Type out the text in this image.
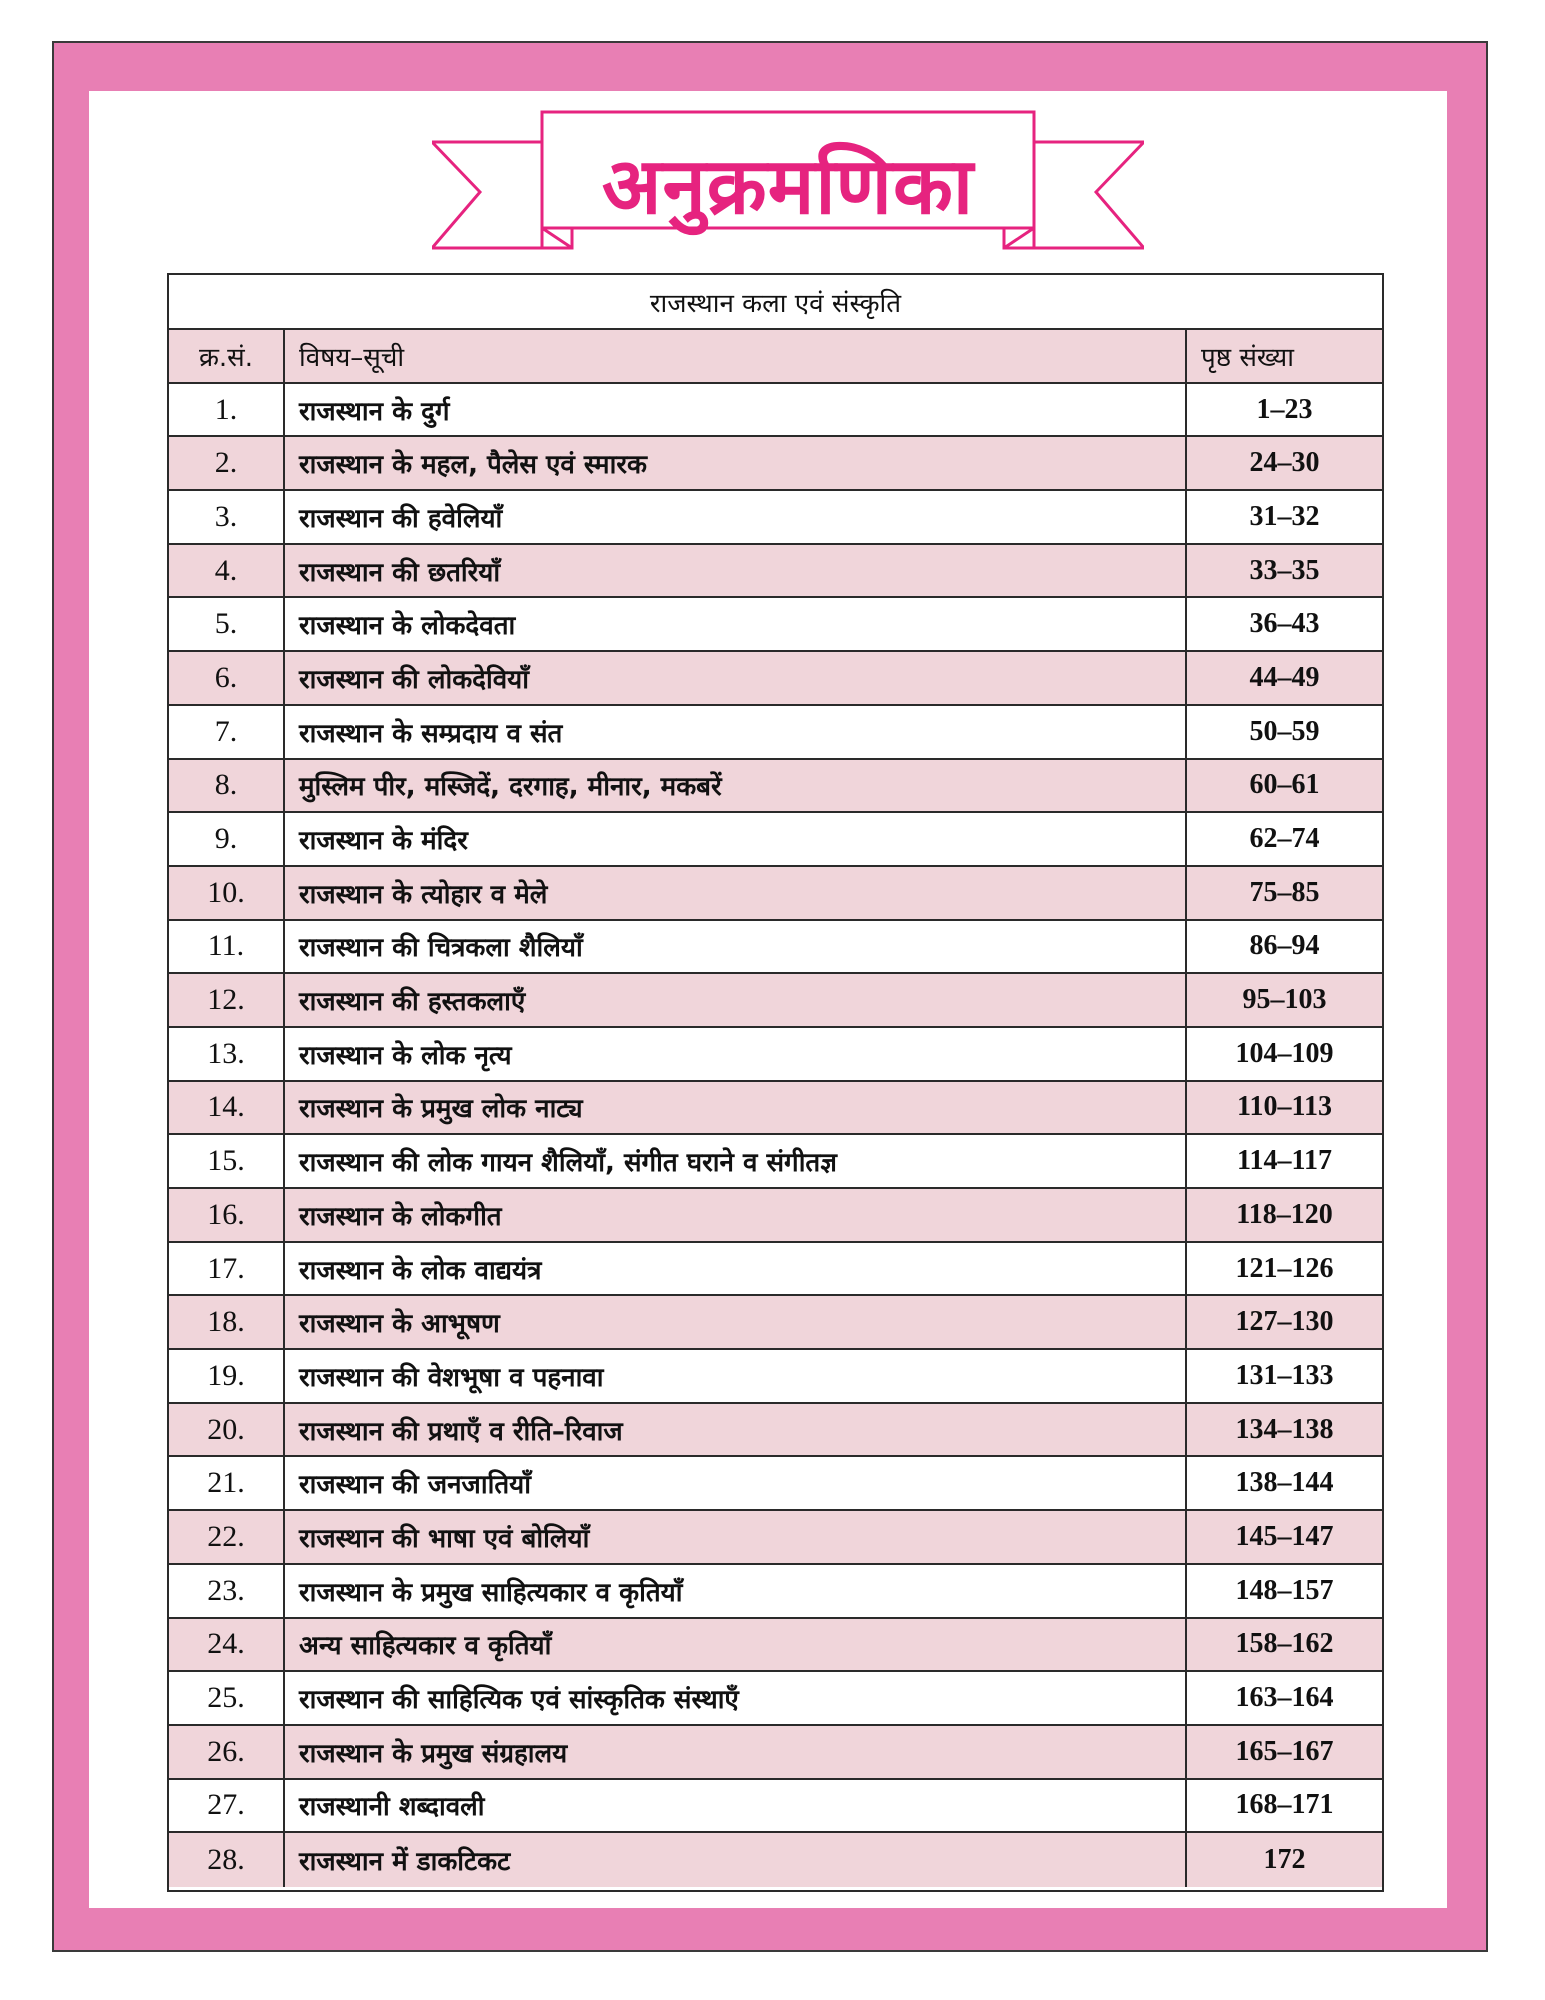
अनुक्रमणिका
राजस्थान कला एवं संस्कृति
क्र.सं.	विषय–सूची	पृष्ठ संख्या
1.	राजस्थान के दुर्ग	1–23
2.	राजस्थान के महल, पैलेस एवं स्मारक	24–30
3.	राजस्थान की हवेलियाँ	31–32
4.	राजस्थान की छतरियाँ	33–35
5.	राजस्थान के लोकदेवता	36–43
6.	राजस्थान की लोकदेवियाँ	44–49
7.	राजस्थान के सम्प्रदाय व संत	50–59
8.	मुस्लिम पीर, मस्जिदें, दरगाह, मीनार, मकबरें	60–61
9.	राजस्थान के मंदिर	62–74
10.	राजस्थान के त्योहार व मेले	75–85
11.	राजस्थान की चित्रकला शैलियाँ	86–94
12.	राजस्थान की हस्तकलाएँ	95–103
13.	राजस्थान के लोक नृत्य	104–109
14.	राजस्थान के प्रमुख लोक नाट्य	110–113
15.	राजस्थान की लोक गायन शैलियाँ, संगीत घराने व संगीतज्ञ	114–117
16.	राजस्थान के लोकगीत	118–120
17.	राजस्थान के लोक वाद्ययंत्र	121–126
18.	राजस्थान के आभूषण	127–130
19.	राजस्थान की वेशभूषा व पहनावा	131–133
20.	राजस्थान की प्रथाएँ व रीति–रिवाज	134–138
21.	राजस्थान की जनजातियाँ	138–144
22.	राजस्थान की भाषा एवं बोलियाँ	145–147
23.	राजस्थान के प्रमुख साहित्यकार व कृतियाँ	148–157
24.	अन्य साहित्यकार व कृतियाँ	158–162
25.	राजस्थान की साहित्यिक एवं सांस्कृतिक संस्थाएँ	163–164
26.	राजस्थान के प्रमुख संग्रहालय	165–167
27.	राजस्थानी शब्दावली	168–171
28.	राजस्थान में डाकटिकट	172
